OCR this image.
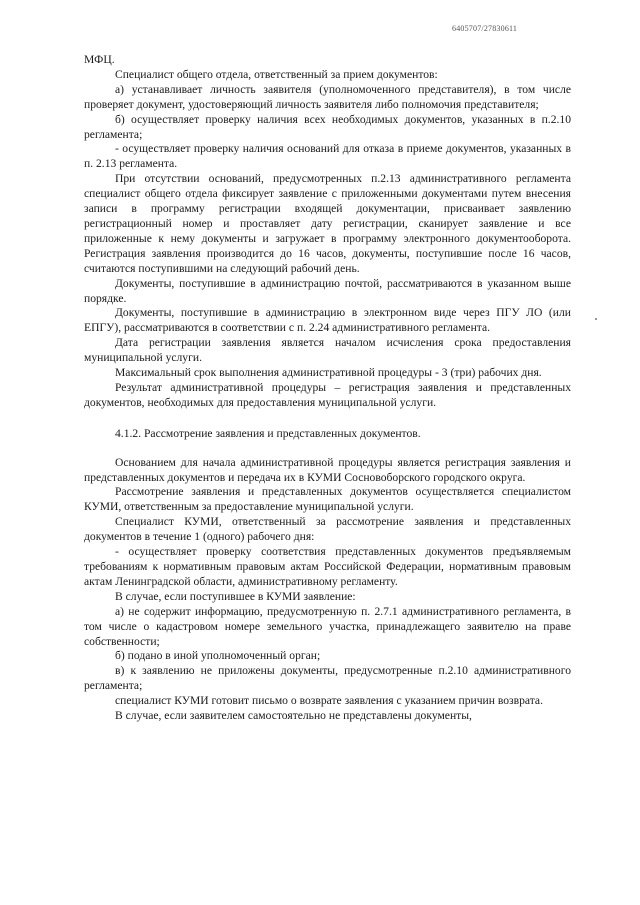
6405707/27830611

МФЦ.

Специалист общего отдела, ответственный за прием документов:

а) устанавливает личность заявителя (уполномоченного представителя), в том числе проверяет документ, удостоверяющий личность заявителя либо полномочия представителя;

б) осуществляет проверку наличия всех необходимых документов, указанных в п.2.10 регламента;

- осуществляет проверку наличия оснований для отказа в приеме документов, указанных в п. 2.13 регламента.

При отсутствии оснований, предусмотренных п.2.13 административного регламента специалист общего отдела фиксирует заявление с приложенными документами путем внесения записи в программу регистрации входящей документации, присваивает заявлению регистрационный номер и проставляет дату регистрации, сканирует заявление и все приложенные к нему документы и загружает в программу электронного документооборота. Регистрация заявления производится до 16 часов, документы, поступившие после 16 часов, считаются поступившими на следующий рабочий день.

Документы, поступившие в администрацию почтой, рассматриваются в указанном выше порядке.

Документы, поступившие в администрацию в электронном виде через ПГУ ЛО (или ЕПГУ), рассматриваются в соответствии с п. 2.24 административного регламента.

Дата регистрации заявления является началом исчисления срока предоставления муниципальной услуги.

Максимальный срок выполнения административной процедуры - 3 (три) рабочих дня.

Результат административной процедуры – регистрация заявления и представленных документов, необходимых для предоставления муниципальной услуги.

4.1.2. Рассмотрение заявления и представленных документов.

Основанием для начала административной процедуры является регистрация заявления и представленных документов и передача их в КУМИ Сосновоборского городского округа.

Рассмотрение заявления и представленных документов осуществляется специалистом КУМИ, ответственным за предоставление муниципальной услуги.

Специалист КУМИ, ответственный за рассмотрение заявления и представленных документов в течение 1 (одного) рабочего дня:

- осуществляет проверку соответствия представленных документов предъявляемым требованиям к нормативным правовым актам Российской Федерации, нормативным правовым актам Ленинградской области, административному регламенту.

В случае, если поступившее в КУМИ заявление:

а) не содержит информацию, предусмотренную п. 2.7.1 административного регламента, в том числе о кадастровом номере земельного участка, принадлежащего заявителю на праве собственности;

б) подано в иной уполномоченный орган;

в) к заявлению не приложены документы, предусмотренные п.2.10 административного регламента;

специалист КУМИ готовит письмо о возврате заявления с указанием причин возврата.

В случае, если заявителем самостоятельно не представлены документы,
